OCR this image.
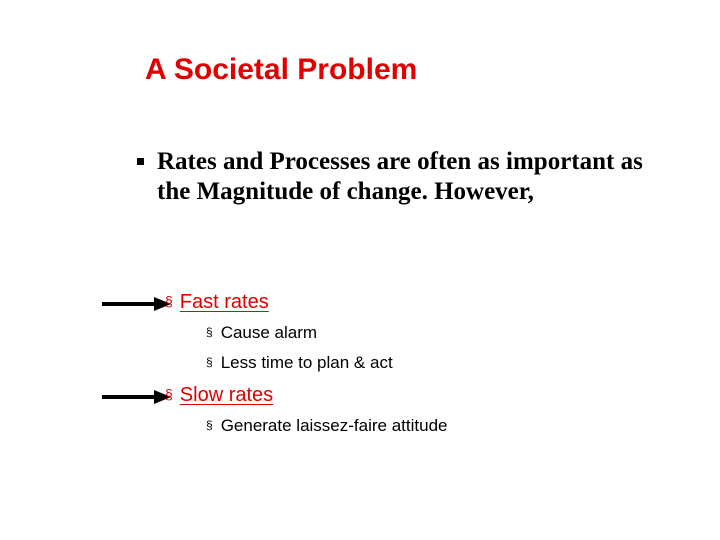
A Societal Problem
Rates and Processes are often as important as the Magnitude of change. However,
§ Fast rates
§ Cause alarm
§ Less time to plan & act
§ Slow rates
§ Generate laissez-faire attitude
